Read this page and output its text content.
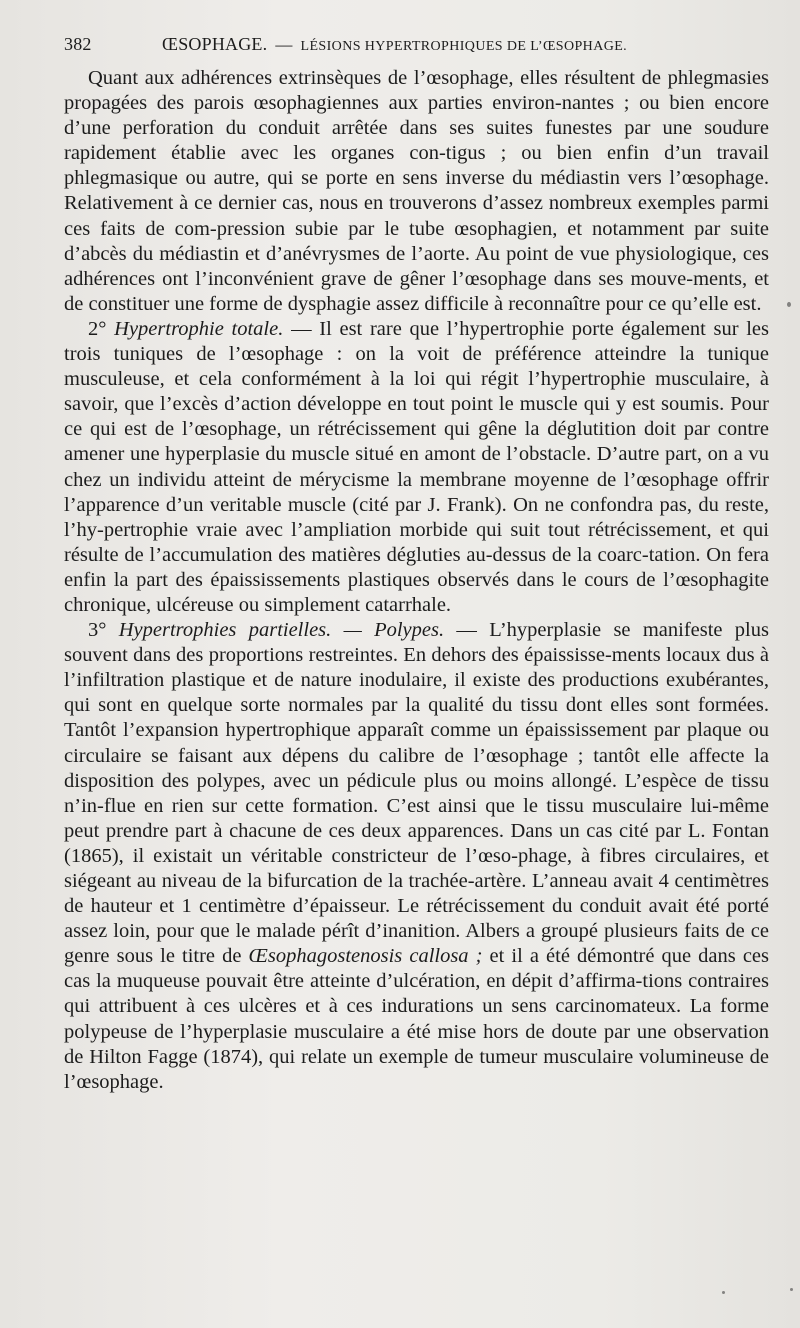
382	ŒSOPHAGE. — LÉSIONS HYPERTROPHIQUES DE L’ŒSOPHAGE.

Quant aux adhérences extrinsèques de l’œsophage, elles résultent de phlegmasies propagées des parois œsophagiennes aux parties environ-nantes ; ou bien encore d’une perforation du conduit arrêtée dans ses suites funestes par une soudure rapidement établie avec les organes con-tigus ; ou bien enfin d’un travail phlegmasique ou autre, qui se porte en sens inverse du médiastin vers l’œsophage. Relativement à ce dernier cas, nous en trouverons d’assez nombreux exemples parmi ces faits de com-pression subie par le tube œsophagien, et notamment par suite d’abcès du médiastin et d’anévrysmes de l’aorte. Au point de vue physiologique, ces adhérences ont l’inconvénient grave de gêner l’œsophage dans ses mouve-ments, et de constituer une forme de dysphagie assez difficile à reconnaître pour ce qu’elle est.

2° Hypertrophie totale. — Il est rare que l’hypertrophie porte également sur les trois tuniques de l’œsophage : on la voit de préférence atteindre la tunique musculeuse, et cela conformément à la loi qui régit l’hypertrophie musculaire, à savoir, que l’excès d’action développe en tout point le muscle qui y est soumis. Pour ce qui est de l’œsophage, un rétrécissement qui gêne la déglutition doit par contre amener une hyperplasie du muscle situé en amont de l’obstacle. D’autre part, on a vu chez un individu atteint de mérycisme la membrane moyenne de l’œsophage offrir l’apparence d’un veritable muscle (cité par J. Frank). On ne confondra pas, du reste, l’hy-pertrophie vraie avec l’ampliation morbide qui suit tout rétrécissement, et qui résulte de l’accumulation des matières dégluties au-dessus de la coarc-tation. On fera enfin la part des épaississements plastiques observés dans le cours de l’œsophagite chronique, ulcéreuse ou simplement catarrhale.

3° Hypertrophies partielles. — Polypes. — L’hyperplasie se manifeste plus souvent dans des proportions restreintes. En dehors des épaississe-ments locaux dus à l’infiltration plastique et de nature inodulaire, il existe des productions exubérantes, qui sont en quelque sorte normales par la qualité du tissu dont elles sont formées. Tantôt l’expansion hypertrophique apparaît comme un épaississement par plaque ou circulaire se faisant aux dépens du calibre de l’œsophage ; tantôt elle affecte la disposition des polypes, avec un pédicule plus ou moins allongé. L’espèce de tissu n’in-flue en rien sur cette formation. C’est ainsi que le tissu musculaire lui-même peut prendre part à chacune de ces deux apparences. Dans un cas cité par L. Fontan (1865), il existait un véritable constricteur de l’œso-phage, à fibres circulaires, et siégeant au niveau de la bifurcation de la trachée-artère. L’anneau avait 4 centimètres de hauteur et 1 centimètre d’épaisseur. Le rétrécissement du conduit avait été porté assez loin, pour que le malade pérît d’inanition. Albers a groupé plusieurs faits de ce genre sous le titre de Œsophagostenosis callosa ; et il a été démontré que dans ces cas la muqueuse pouvait être atteinte d’ulcération, en dépit d’affirma-tions contraires qui attribuent à ces ulcères et à ces indurations un sens carcinomateux. La forme polypeuse de l’hyperplasie musculaire a été mise hors de doute par une observation de Hilton Fagge (1874), qui relate un exemple de tumeur musculaire volumineuse de l’œsophage.
